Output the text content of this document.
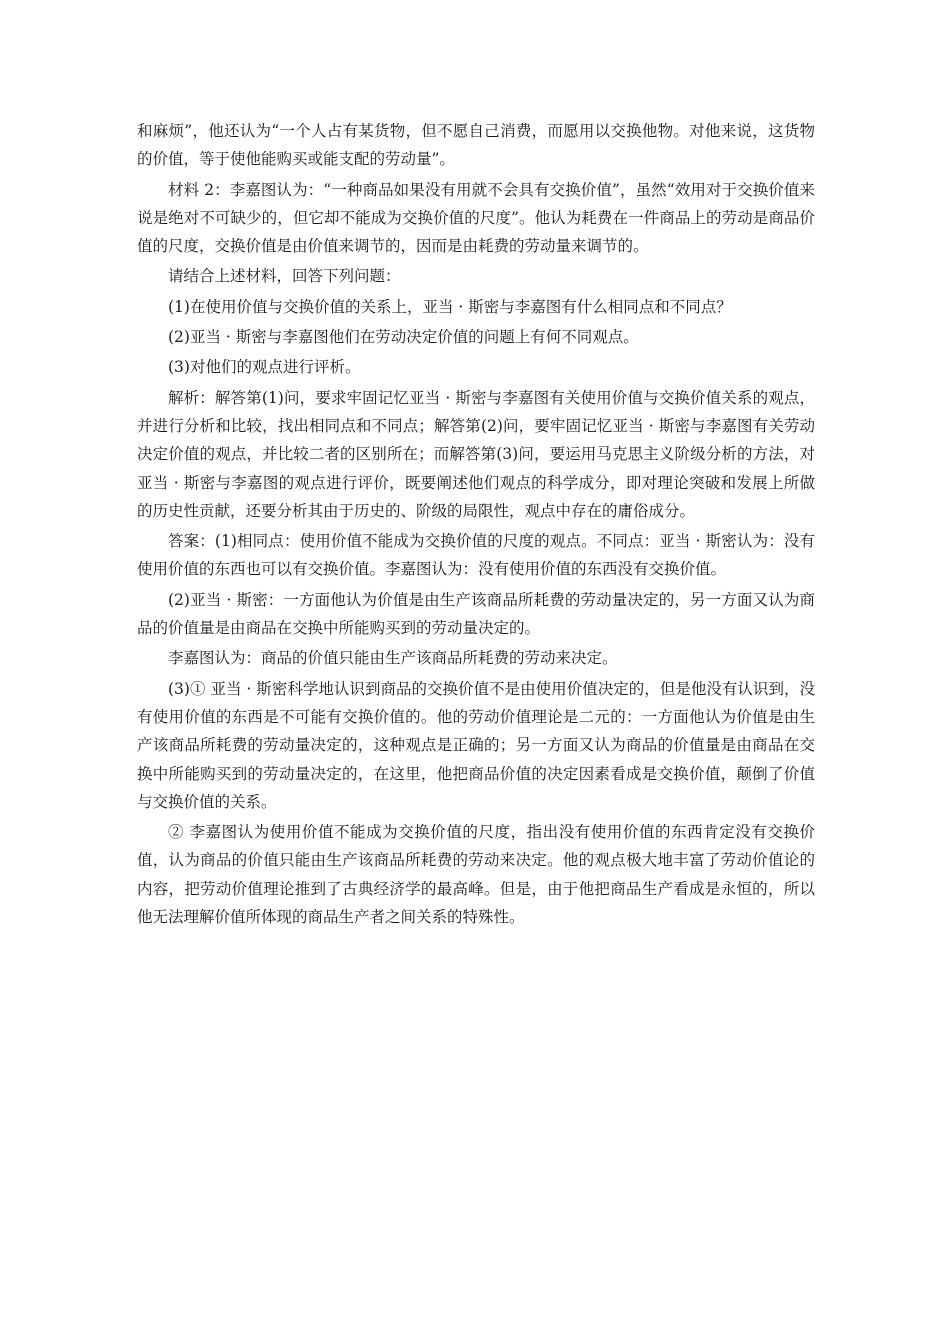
和麻烦”，他还认为“一个人占有某货物，但不愿自己消费，而愿用以交换他物。对他来说，这货物的价值，等于使他能购买或能支配的劳动量”。

材料 2：李嘉图认为：“一种商品如果没有用就不会具有交换价值”，虽然“效用对于交换价值来说是绝对不可缺少的，但它却不能成为交换价值的尺度”。他认为耗费在一件商品上的劳动是商品价值的尺度，交换价值是由价值来调节的，因而是由耗费的劳动量来调节的。

请结合上述材料，回答下列问题：

(1)在使用价值与交换价值的关系上，亚当 · 斯密与李嘉图有什么相同点和不同点？

(2)亚当 · 斯密与李嘉图他们在劳动决定价值的问题上有何不同观点。

(3)对他们的观点进行评析。

解析：解答第(1)问，要求牢固记忆亚当 · 斯密与李嘉图有关使用价值与交换价值关系的观点，并进行分析和比较，找出相同点和不同点；解答第(2)问，要牢固记忆亚当 · 斯密与李嘉图有关劳动决定价值的观点，并比较二者的区别所在；而解答第(3)问，要运用马克思主义阶级分析的方法，对亚当 · 斯密与李嘉图的观点进行评价，既要阐述他们观点的科学成分，即对理论突破和发展上所做的历史性贡献，还要分析其由于历史的、阶级的局限性，观点中存在的庸俗成分。

答案：(1)相同点：使用价值不能成为交换价值的尺度的观点。不同点：亚当 · 斯密认为：没有使用价值的东西也可以有交换价值。李嘉图认为：没有使用价值的东西没有交换价值。

(2)亚当 · 斯密：一方面他认为价值是由生产该商品所耗费的劳动量决定的，另一方面又认为商品的价值量是由商品在交换中所能购买到的劳动量决定的。

李嘉图认为：商品的价值只能由生产该商品所耗费的劳动来决定。

(3)① 亚当 · 斯密科学地认识到商品的交换价值不是由使用价值决定的，但是他没有认识到，没有使用价值的东西是不可能有交换价值的。他的劳动价值理论是二元的：一方面他认为价值是由生产该商品所耗费的劳动量决定的，这种观点是正确的；另一方面又认为商品的价值量是由商品在交换中所能购买到的劳动量决定的，在这里，他把商品价值的决定因素看成是交换价值，颠倒了价值与交换价值的关系。

② 李嘉图认为使用价值不能成为交换价值的尺度，指出没有使用价值的东西肯定没有交换价值，认为商品的价值只能由生产该商品所耗费的劳动来决定。他的观点极大地丰富了劳动价值论的内容，把劳动价值理论推到了古典经济学的最高峰。但是，由于他把商品生产看成是永恒的，所以他无法理解价值所体现的商品生产者之间关系的特殊性。
